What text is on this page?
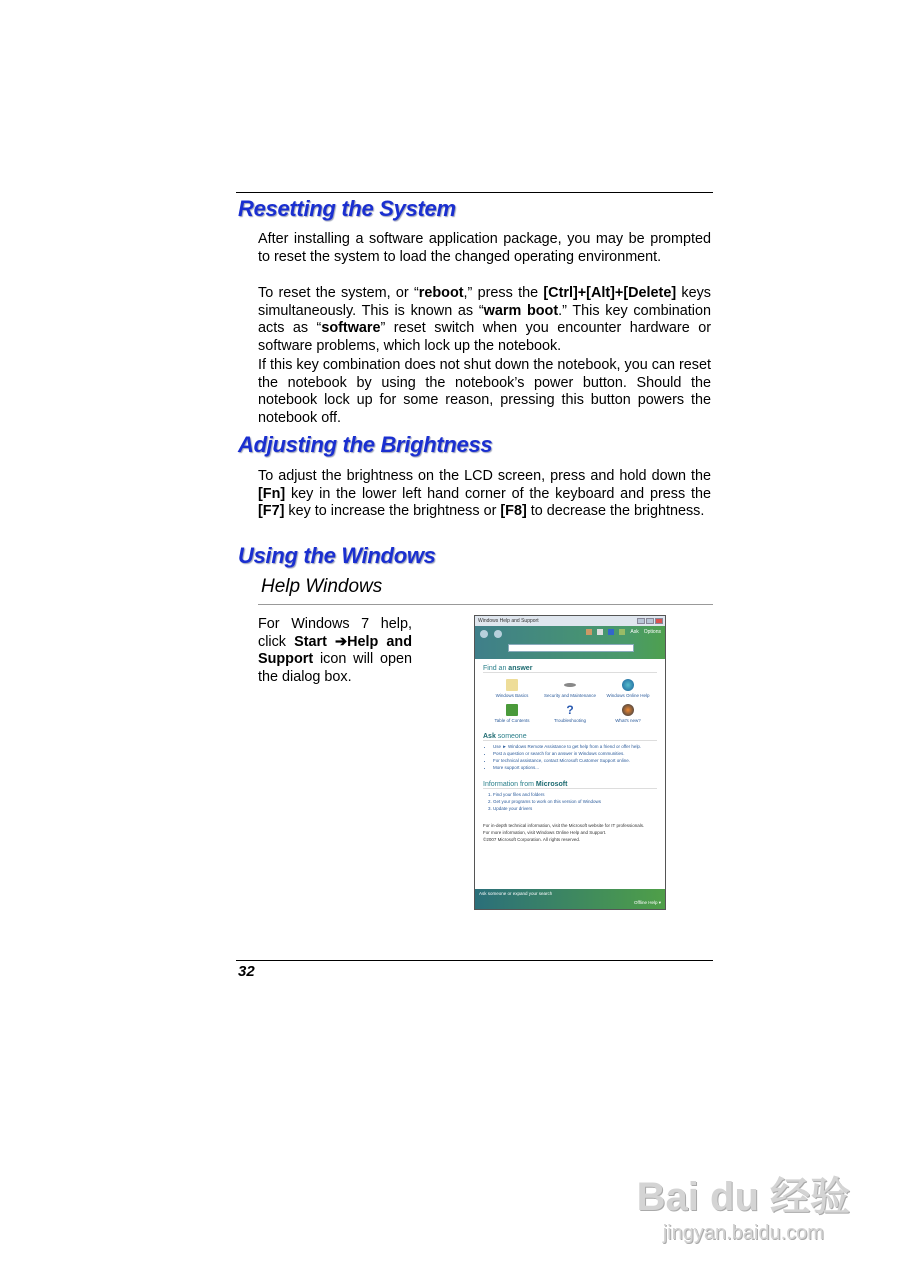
Resetting the System
After installing a software application package, you may be prompted to reset the system to load the changed operating environment.
To reset the system, or “reboot,” press the [Ctrl]+[Alt]+[Delete] keys simultaneously. This is known as “warm boot.” This key combination acts as “software” reset switch when you encounter hardware or software problems, which lock up the notebook.
If this key combination does not shut down the notebook, you can reset the notebook by using the notebook’s power button. Should the notebook lock up for some reason, pressing this button powers the notebook off.
Adjusting the Brightness
To adjust the brightness on the LCD screen, press and hold down the [Fn] key in the lower left hand corner of the keyboard and press the [F7] key to increase the brightness or [F8] to decrease the brightness.
Using the Windows
Help Windows
For Windows 7 help, click Start ➔Help and Support icon will open the dialog box.
Windows Help and Support
Ask Options
Find an answer
Windows Basics	Security and Maintenance Windows Online Help
Table of Contents
?
Troubleshooting	What's new?
Ask someone
• Use ► Windows Remote Assistance to get help from a friend or offer help.
• Post a question or search for an answer in Windows communities.
• For technical assistance, contact Microsoft Customer Support online.
• More support options...
Information from Microsoft
1. Find your files and folders
2. Get your programs to work on this version of Windows
3. Update your drivers
For in-depth technical information, visit the Microsoft website for IT professionals.
For more information, visit Windows Online Help and Support.
©2007 Microsoft Corporation. All rights reserved.
Ask someone or expand your search
Offline Help ▾
32
Bai du 经验
jingyan.baidu.com
